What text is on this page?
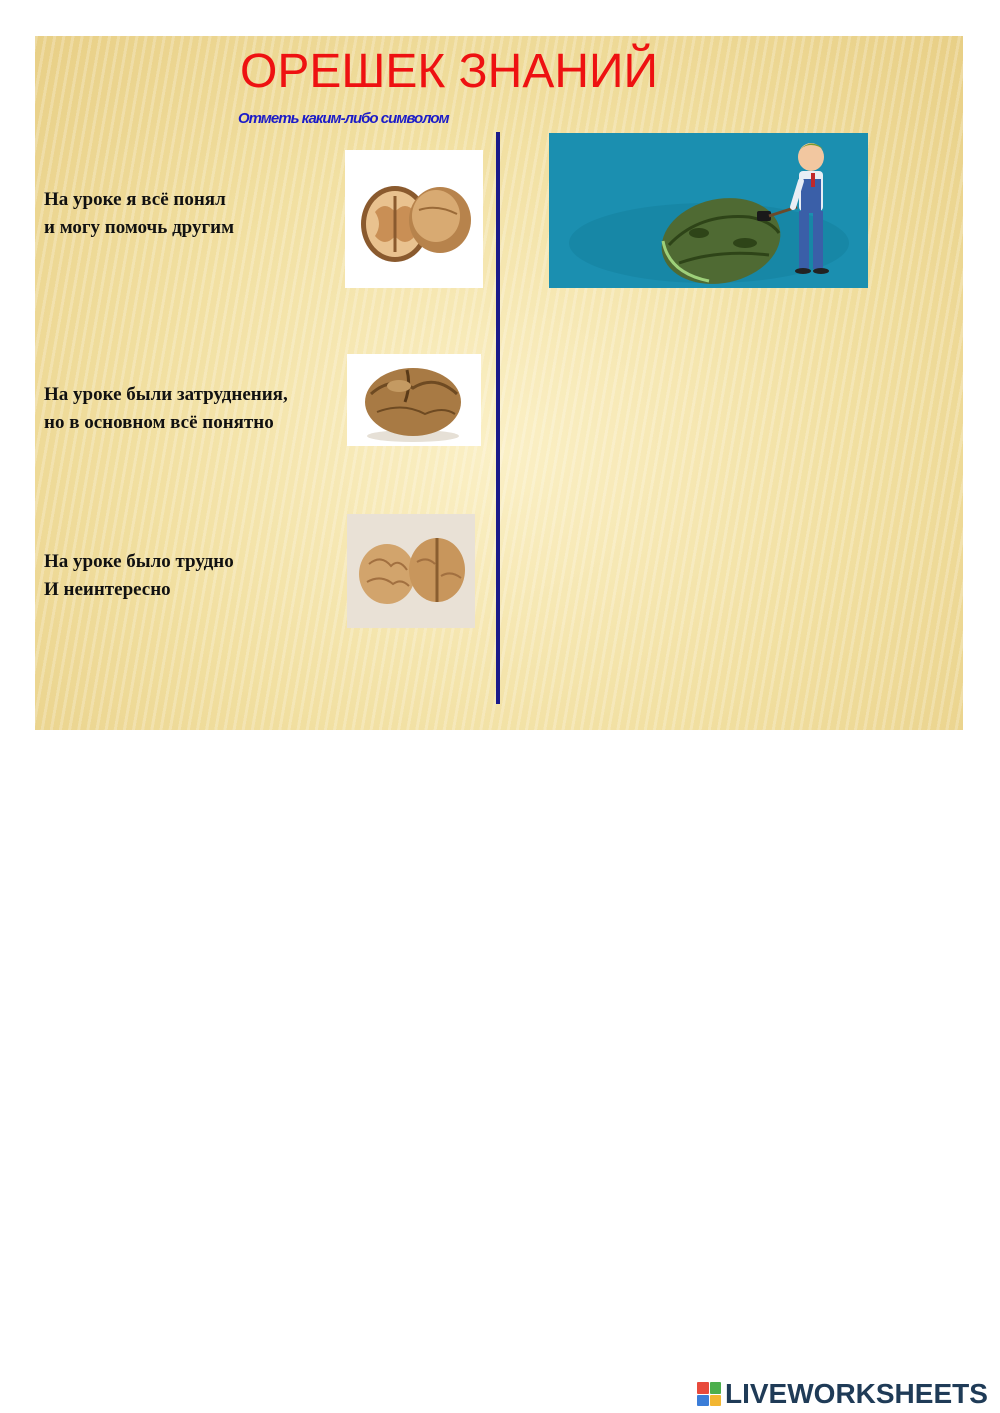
ОРЕШЕК ЗНАНИЙ
Отметь каким-либо символом
На уроке я всё понял
и могу помочь другим
На уроке были затруднения,
но в основном всё понятно
На уроке было трудно
И неинтересно
LIVEWORKSHEETS
